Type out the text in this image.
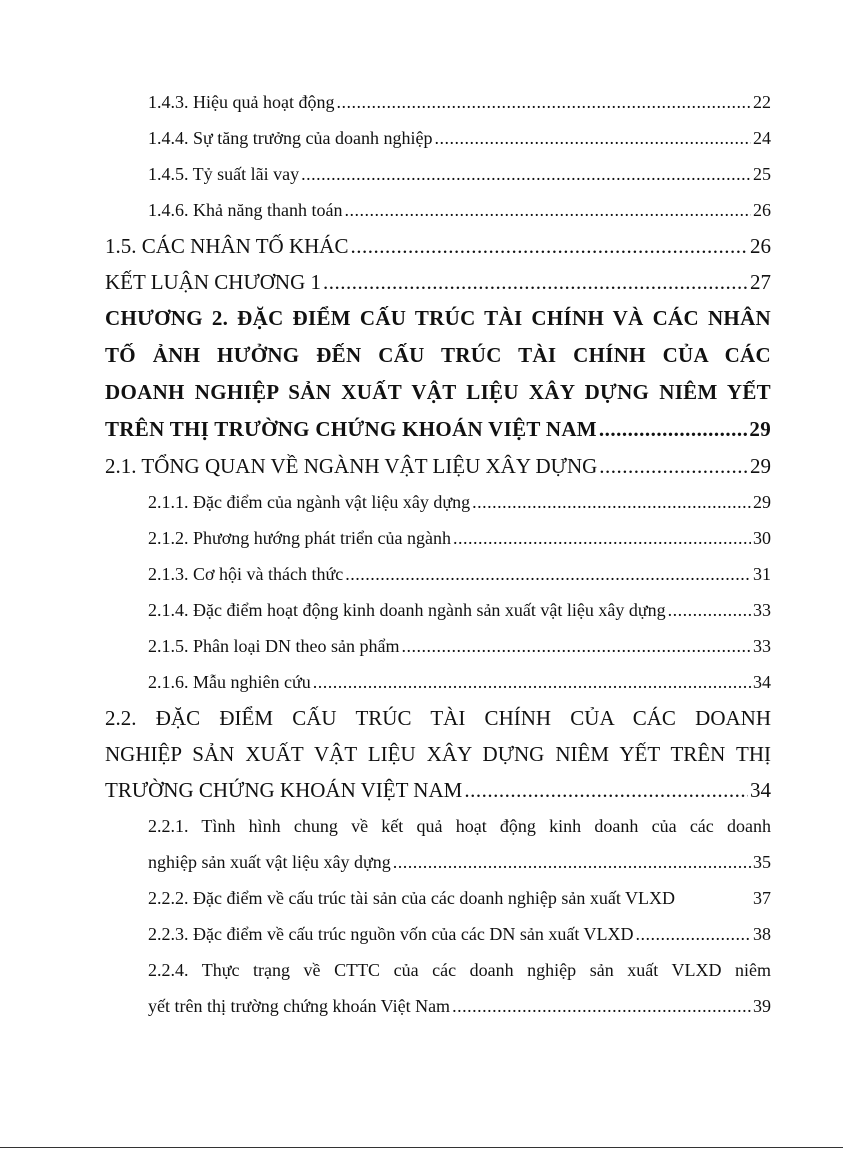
1.4.3. Hiệu quả hoạt động .....	22
1.4.4. Sự tăng trưởng của doanh nghiệp .....	24
1.4.5. Tỷ suất lãi vay .....	25
1.4.6. Khả năng thanh toán .....	26
1.5. CÁC NHÂN TỐ KHÁC .....	26
KẾT LUẬN CHƯƠNG 1 .....	27
CHƯƠNG 2. ĐẶC ĐIỂM CẤU TRÚC TÀI CHÍNH VÀ CÁC NHÂN
TỐ ẢNH HƯỞNG ĐẾN CẤU TRÚC TÀI CHÍNH CỦA CÁC
DOANH NGHIỆP SẢN XUẤT VẬT LIỆU XÂY DỰNG NIÊM YẾT
TRÊN THỊ TRƯỜNG CHỨNG KHOÁN VIỆT NAM .....	29
2.1. TỔNG QUAN VỀ NGÀNH VẬT LIỆU XÂY DỰNG .....	29
2.1.1. Đặc điểm của ngành vật liệu xây dựng .....	29
2.1.2. Phương hướng phát triển của ngành .....	30
2.1.3. Cơ hội và thách thức .....	31
2.1.4. Đặc điểm hoạt động kinh doanh ngành sản xuất vật liệu xây dựng .....	33
2.1.5. Phân loại DN theo sản phẩm .....	33
2.1.6. Mẫu nghiên cứu .....	34
2.2. ĐẶC ĐIỂM CẤU TRÚC TÀI CHÍNH CỦA CÁC DOANH
NGHIỆP SẢN XUẤT VẬT LIỆU XÂY DỰNG NIÊM YẾT TRÊN THỊ
TRƯỜNG CHỨNG KHOÁN VIỆT NAM .....	34
2.2.1. Tình hình chung về kết quả hoạt động kinh doanh của các doanh
nghiệp sản xuất vật liệu xây dựng .....	35
2.2.2. Đặc điểm về cấu trúc tài sản của các doanh nghiệp sản xuất VLXD	37
2.2.3. Đặc điểm về cấu trúc nguồn vốn của các DN sản xuất VLXD .....	38
2.2.4. Thực trạng về CTTC của các doanh nghiệp sản xuất VLXD niêm
yết trên thị trường chứng khoán Việt Nam .....	39
